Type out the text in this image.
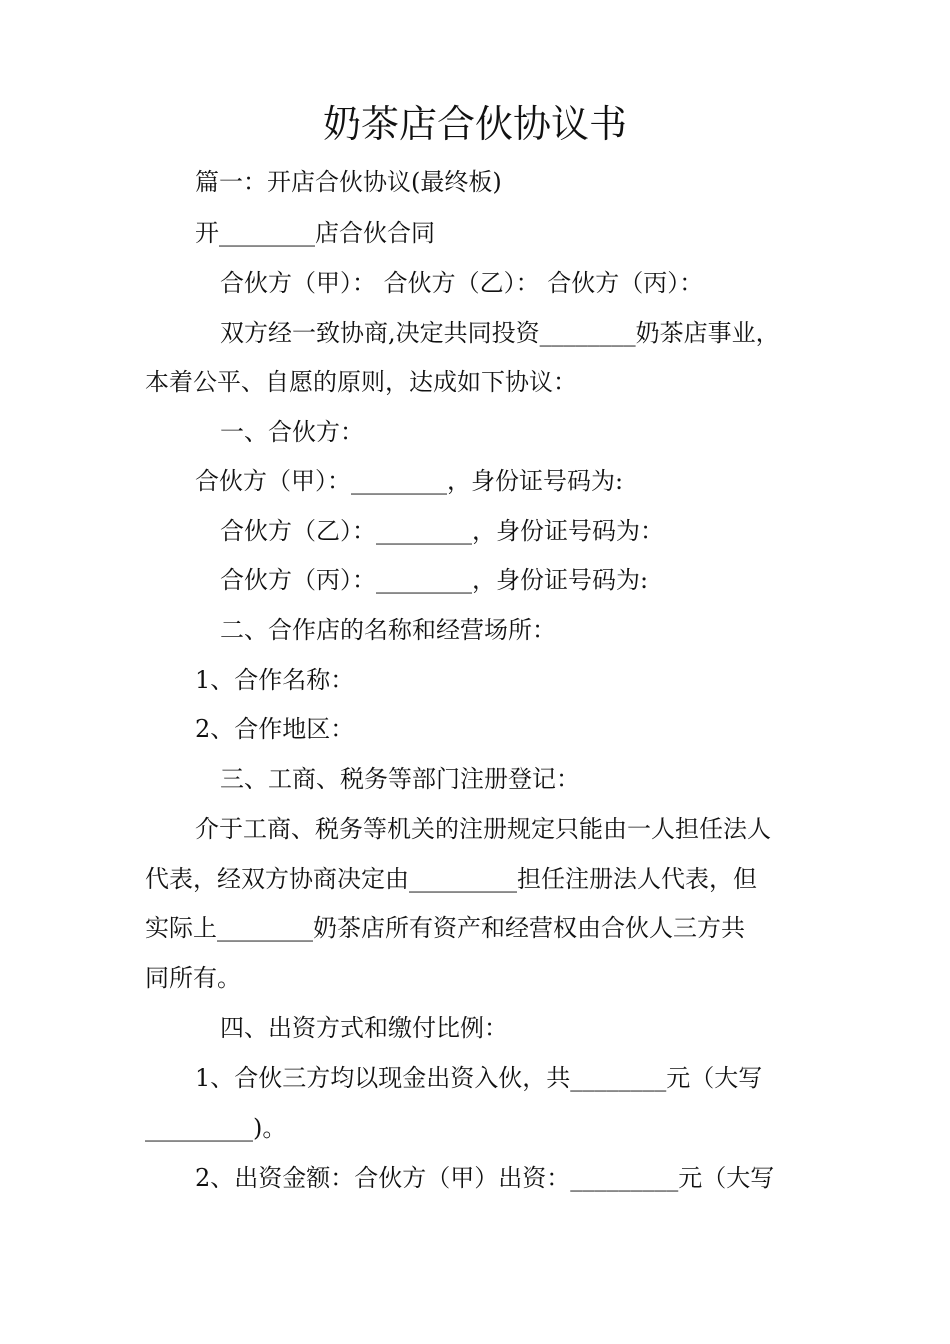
奶茶店合伙协议书
篇一：开店合伙协议(最终板)
开________店合伙合同
合伙方（甲）： 合伙方（乙）： 合伙方（丙）：
双方经一致协商,决定共同投资________奶茶店事业，
本着公平、自愿的原则，达成如下协议：
一、合伙方：
合伙方（甲）：________，身份证号码为:
合伙方（乙）：________，身份证号码为：
合伙方（丙）：________，身份证号码为:
二、合作店的名称和经营场所：
1、合作名称：
2、合作地区：
三、工商、税务等部门注册登记：
介于工商、税务等机关的注册规定只能由一人担任法人
代表，经双方协商决定由_________担任注册法人代表，但
实际上________奶茶店所有资产和经营权由合伙人三方共
同所有。
四、出资方式和缴付比例：
1、合伙三方均以现金出资入伙，共________元（大写
_________)。
2、出资金额：合伙方（甲）出资：_________元（大写
